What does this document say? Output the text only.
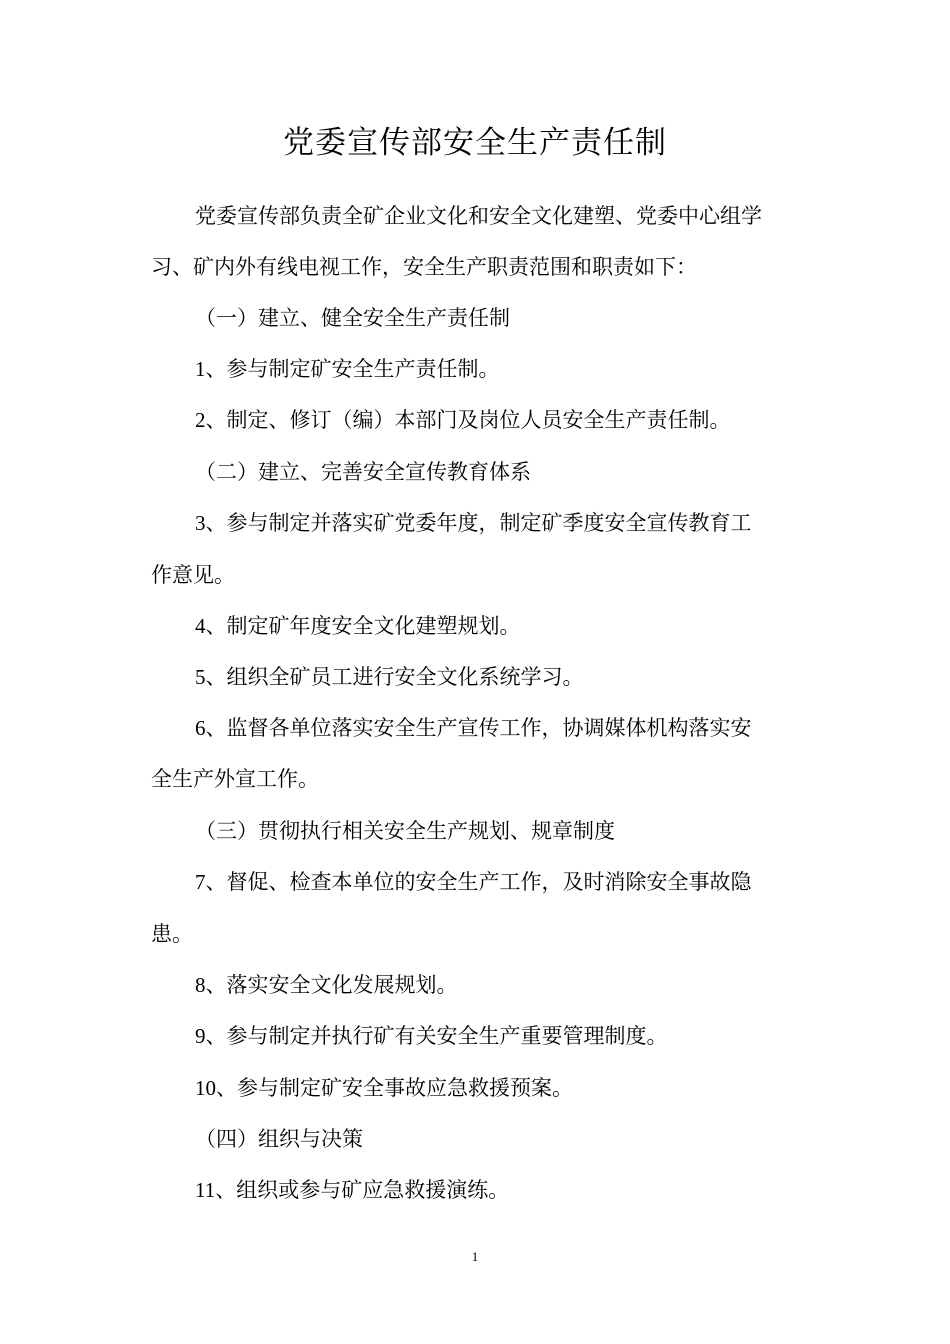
党委宣传部安全生产责任制
党委宣传部负责全矿企业文化和安全文化建塑、党委中心组学
习、矿内外有线电视工作，安全生产职责范围和职责如下：
（一）建立、健全安全生产责任制
1、参与制定矿安全生产责任制。
2、制定、修订（编）本部门及岗位人员安全生产责任制。
（二）建立、完善安全宣传教育体系
3、参与制定并落实矿党委年度，制定矿季度安全宣传教育工
作意见。
4、制定矿年度安全文化建塑规划。
5、组织全矿员工进行安全文化系统学习。
6、监督各单位落实安全生产宣传工作，协调媒体机构落实安
全生产外宣工作。
（三）贯彻执行相关安全生产规划、规章制度
7、督促、检查本单位的安全生产工作，及时消除安全事故隐
患。
8、落实安全文化发展规划。
9、参与制定并执行矿有关安全生产重要管理制度。
10、参与制定矿安全事故应急救援预案。
（四）组织与决策
11、组织或参与矿应急救援演练。
1
